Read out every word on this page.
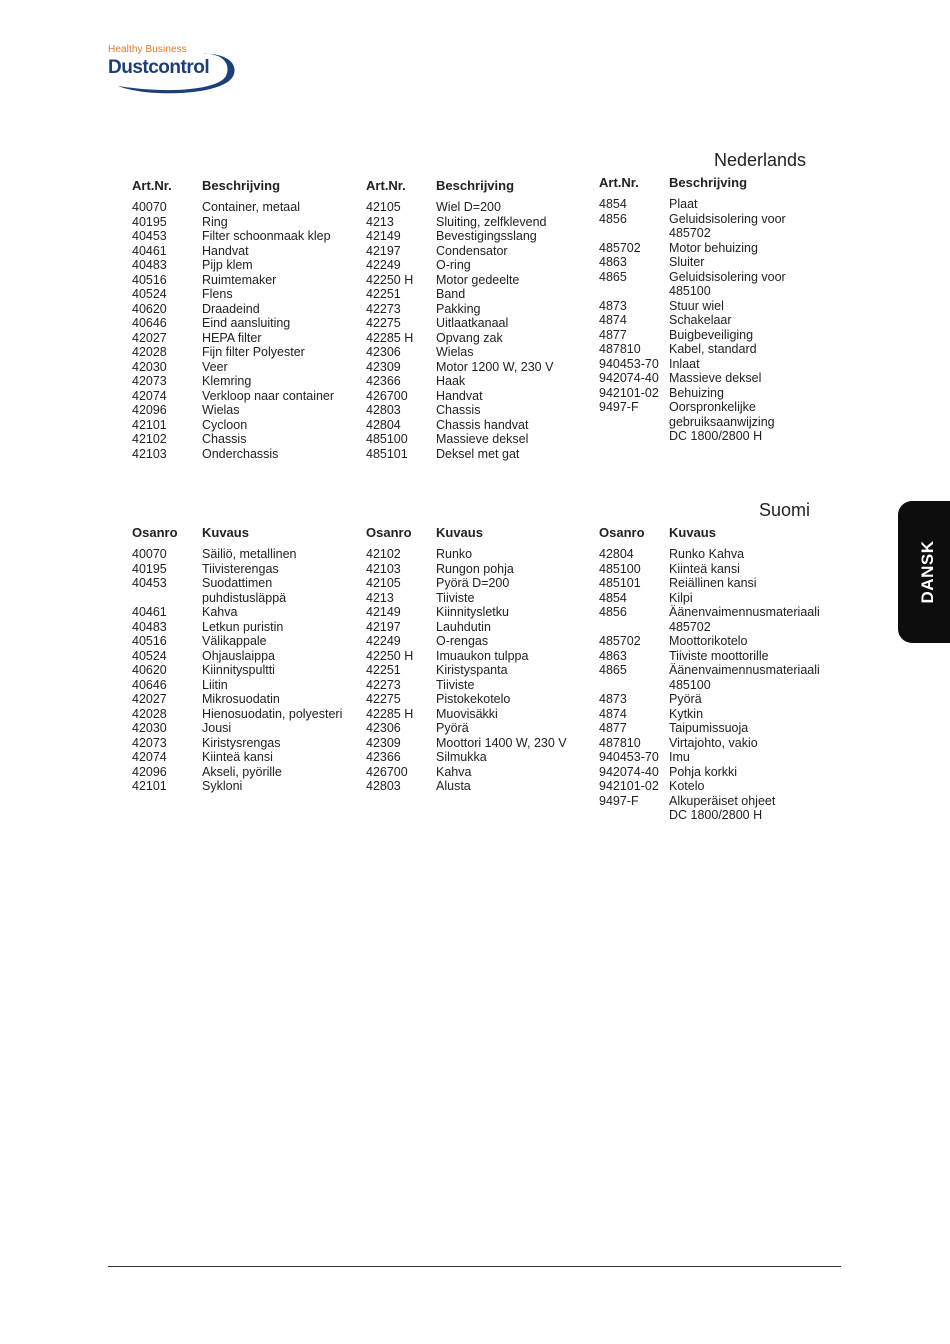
Healthy Business
Dustcontrol
Nederlands
Art.Nr.	Beschrijving
40070	Container, metaal
40195	Ring
40453	Filter schoonmaak klep
40461	Handvat
40483	Pijp klem
40516	Ruimtemaker
40524	Flens
40620	Draadeind
40646	Eind aansluiting
42027	HEPA filter
42028	Fijn filter Polyester
42030	Veer
42073	Klemring
42074	Verkloop naar container
42096	Wielas
42101	Cycloon
42102	Chassis
42103	Onderchassis
Art.Nr.	Beschrijving
42105	Wiel D=200
4213	Sluiting, zelfklevend
42149	Bevestigingsslang
42197	Condensator
42249	O-ring
42250 H	Motor gedeelte
42251	Band
42273	Pakking
42275	Uitlaatkanaal
42285 H	Opvang zak
42306	Wielas
42309	Motor 1200 W, 230 V
42366	Haak
426700	Handvat
42803	Chassis
42804	Chassis handvat
485100	Massieve deksel
485101	Deksel met gat
Art.Nr.	Beschrijving
4854	Plaat
4856	Geluidsisolering voor
485702
485702	Motor behuizing
4863	Sluiter
4865	Geluidsisolering voor
485100
4873	Stuur wiel
4874	Schakelaar
4877	Buigbeveiliging
487810	Kabel, standard
940453-70 Inlaat
942074-40 Massieve deksel
942101-02 Behuizing
9497-F	Oorspronkelijke
gebruiksaanwijzing
DC 1800/2800 H
Suomi
Osanro	Kuvaus
40070	Säiliö, metallinen
40195	Tiivisterengas
40453	Suodattimen
puhdistusläppä
40461	Kahva
40483	Letkun puristin
40516	Välikappale
40524	Ohjauslaippa
40620	Kiinnityspultti
40646	Liitin
42027	Mikrosuodatin
42028	Hienosuodatin, polyesteri
42030	Jousi
42073	Kiristysrengas
42074	Kiinteä kansi
42096	Akseli, pyörille
42101	Sykloni
Osanro	Kuvaus
42102	Runko
42103	Rungon pohja
42105	Pyörä D=200
4213	Tiiviste
42149	Kiinnitysletku
42197	Lauhdutin
42249	O-rengas
42250 H	Imuaukon tulppa
42251	Kiristyspanta
42273	Tiiviste
42275	Pistokekotelo
42285 H	Muovisäkki
42306	Pyörä
42309	Moottori 1400 W, 230 V
42366	Silmukka
426700	Kahva
42803	Alusta
Osanro	Kuvaus
42804	Runko Kahva
485100	Kiinteä kansi
485101	Reiällinen kansi
4854	Kilpi
4856	Äänenvaimennusmateriaali
485702
485702	Moottorikotelo
4863	Tiiviste moottorille
4865	Äänenvaimennusmateriaali
485100
4873	Pyörä
4874	Kytkin
4877	Taipumissuoja
487810	Virtajohto, vakio
940453-70 Imu
942074-40 Pohja korkki
942101-02 Kotelo
9497-F	Alkuperäiset ohjeet
DC 1800/2800 H
DANSK
